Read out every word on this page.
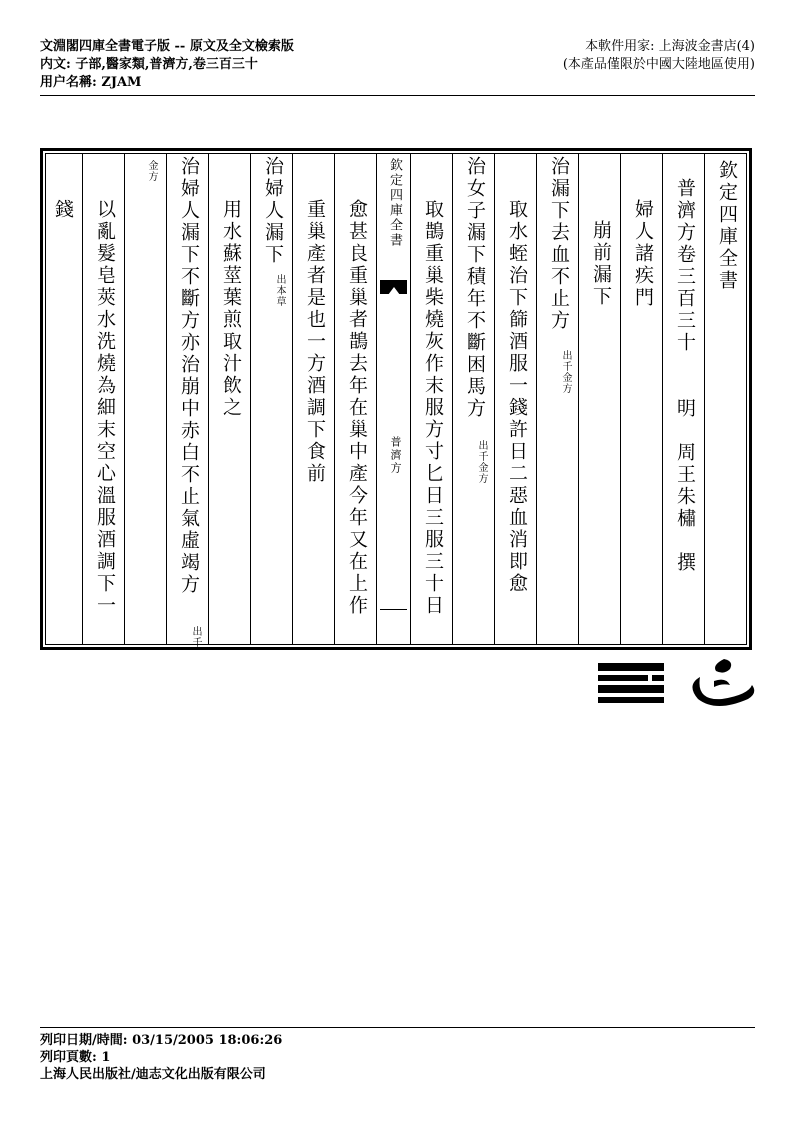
文淵閣四庫全書電子版 -- 原文及全文檢索版
内文: 子部,醫家類,普濟方,卷三百三十
用户名稱: ZJAM
本軟件用家: 上海波金書店(4)
(本產品僅限於中國大陸地區使用)
欽定四庫全書
普濟方卷三百三十　　明　周王朱橚　撰
婦人諸疾門
崩前漏下
治漏下去血不止方
出千金方
取水蛭治下篩酒服一錢許日二惡血消即愈
治女子漏下積年不斷困馬方
出千金方
取鵲重巢柴燒灰作末服方寸匕日三服三十日
欽定四庫全書
普濟方
愈甚良重巢者鵲去年在巢中產今年又在上作
重巢產者是也一方酒調下食前
治婦人漏下
出本草
用水蘇莖葉煎取汁飲之
治婦人漏下不斷方亦治崩中赤白不止氣虛竭方
出千
金方
以亂髮皂莢水洗燒為細末空心溫服酒調下一
錢
列印日期/時間: 03/15/2005 18:06:26
列印頁數: 1
上海人民出版社/迪志文化出版有限公司
